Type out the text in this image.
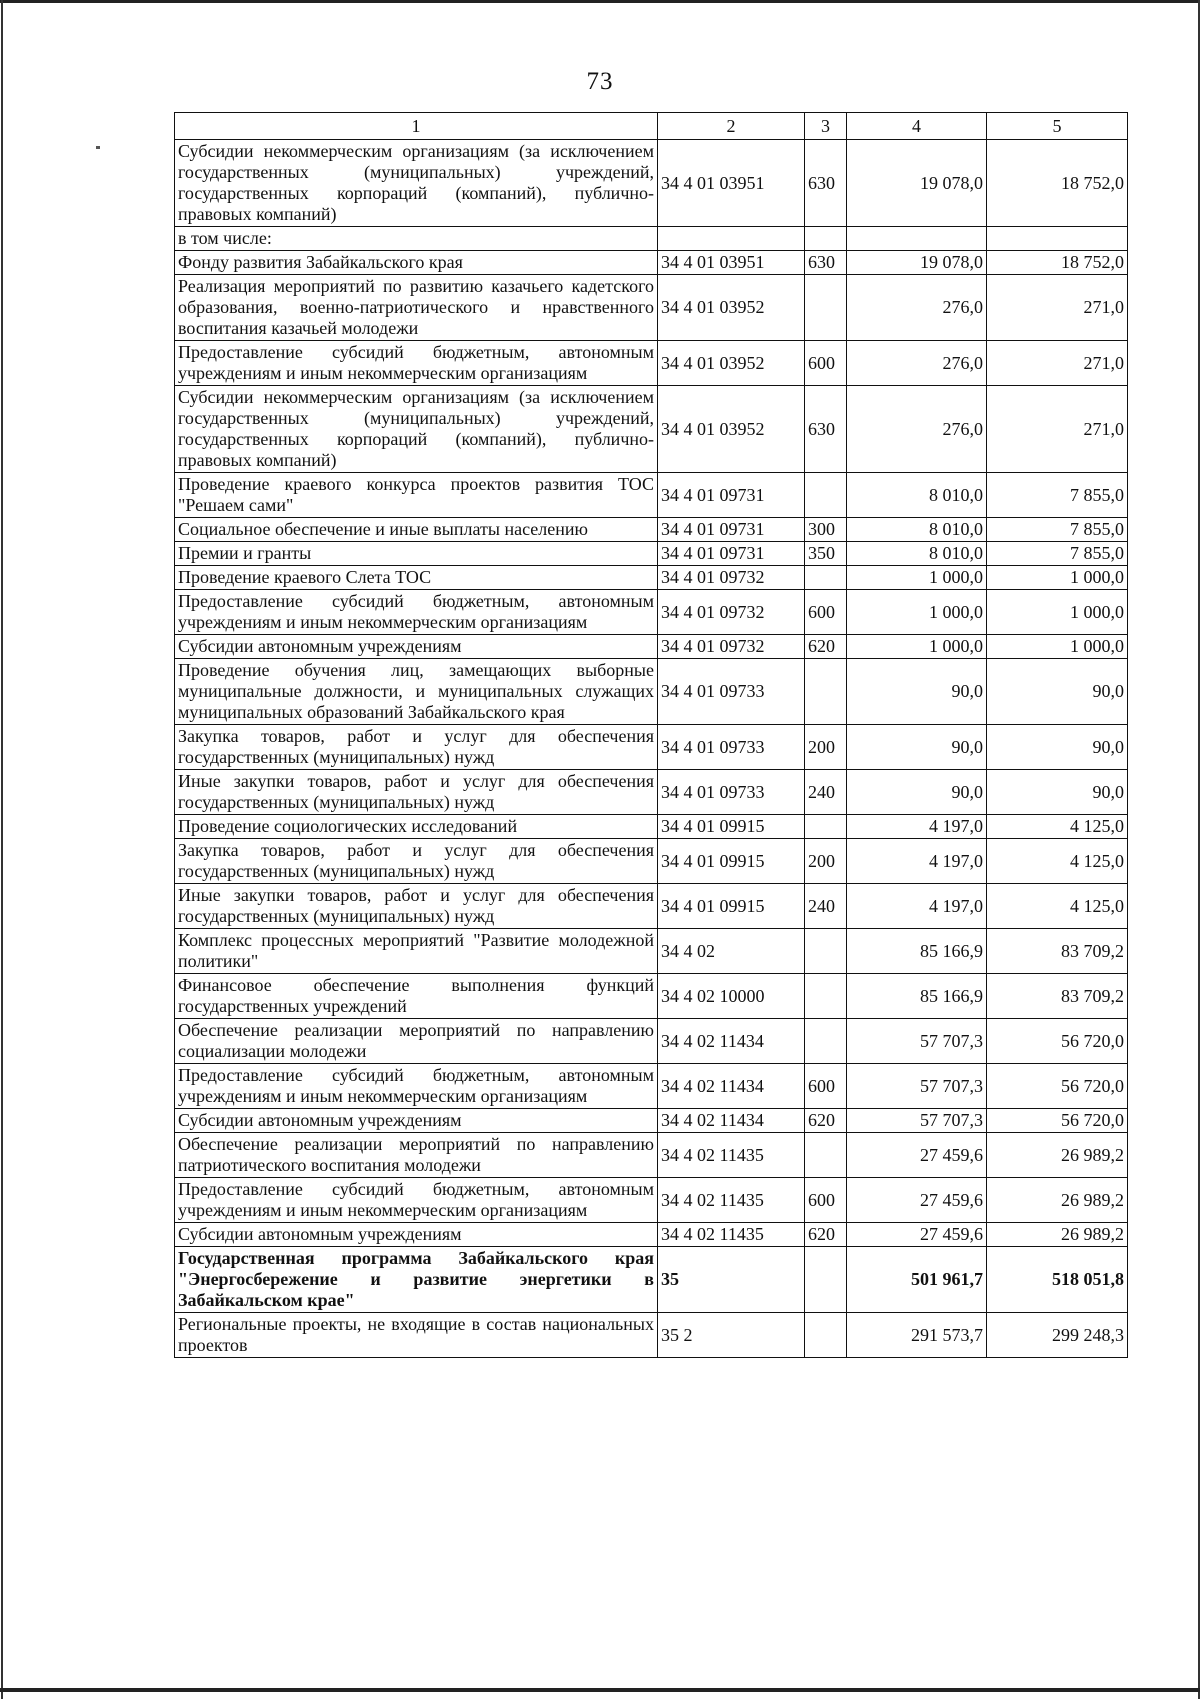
73
1	2	3	4	5
Субсидии некоммерческим организациям (за исключением государственных (муниципальных) учреждений, государственных корпораций (компаний), публично-правовых компаний)	34 4 01 03951	630	19 078,0	18 752,0
в том числе:				
Фонду развития Забайкальского края	34 4 01 03951	630	19 078,0	18 752,0
Реализация мероприятий по развитию казачьего кадетского образования, военно-патриотического и нравственного воспитания казачьей молодежи	34 4 01 03952		276,0	271,0
Предоставление субсидий бюджетным, автономным учреждениям и иным некоммерческим организациям	34 4 01 03952	600	276,0	271,0
Субсидии некоммерческим организациям (за исключением государственных (муниципальных) учреждений, государственных корпораций (компаний), публично-правовых компаний)	34 4 01 03952	630	276,0	271,0
Проведение краевого конкурса проектов развития ТОС "Решаем сами"	34 4 01 09731		8 010,0	7 855,0
Социальное обеспечение и иные выплаты населению	34 4 01 09731	300	8 010,0	7 855,0
Премии и гранты	34 4 01 09731	350	8 010,0	7 855,0
Проведение краевого Слета ТОС	34 4 01 09732		1 000,0	1 000,0
Предоставление субсидий бюджетным, автономным учреждениям и иным некоммерческим организациям	34 4 01 09732	600	1 000,0	1 000,0
Субсидии автономным учреждениям	34 4 01 09732	620	1 000,0	1 000,0
Проведение обучения лиц, замещающих выборные муниципальные должности, и муниципальных служащих муниципальных образований Забайкальского края	34 4 01 09733		90,0	90,0
Закупка товаров, работ и услуг для обеспечения государственных (муниципальных) нужд	34 4 01 09733	200	90,0	90,0
Иные закупки товаров, работ и услуг для обеспечения государственных (муниципальных) нужд	34 4 01 09733	240	90,0	90,0
Проведение социологических исследований	34 4 01 09915		4 197,0	4 125,0
Закупка товаров, работ и услуг для обеспечения государственных (муниципальных) нужд	34 4 01 09915	200	4 197,0	4 125,0
Иные закупки товаров, работ и услуг для обеспечения государственных (муниципальных) нужд	34 4 01 09915	240	4 197,0	4 125,0
Комплекс процессных мероприятий "Развитие молодежной политики"	34 4 02		85 166,9	83 709,2
Финансовое обеспечение выполнения функций государственных учреждений	34 4 02 10000		85 166,9	83 709,2
Обеспечение реализации мероприятий по направлению социализации молодежи	34 4 02 11434		57 707,3	56 720,0
Предоставление субсидий бюджетным, автономным учреждениям и иным некоммерческим организациям	34 4 02 11434	600	57 707,3	56 720,0
Субсидии автономным учреждениям	34 4 02 11434	620	57 707,3	56 720,0
Обеспечение реализации мероприятий по направлению патриотического воспитания молодежи	34 4 02 11435		27 459,6	26 989,2
Предоставление субсидий бюджетным, автономным учреждениям и иным некоммерческим организациям	34 4 02 11435	600	27 459,6	26 989,2
Субсидии автономным учреждениям	34 4 02 11435	620	27 459,6	26 989,2
Государственная программа Забайкальского края "Энергосбережение и развитие энергетики в Забайкальском крае"	35		501 961,7	518 051,8
Региональные проекты, не входящие в состав национальных проектов	35 2		291 573,7	299 248,3
